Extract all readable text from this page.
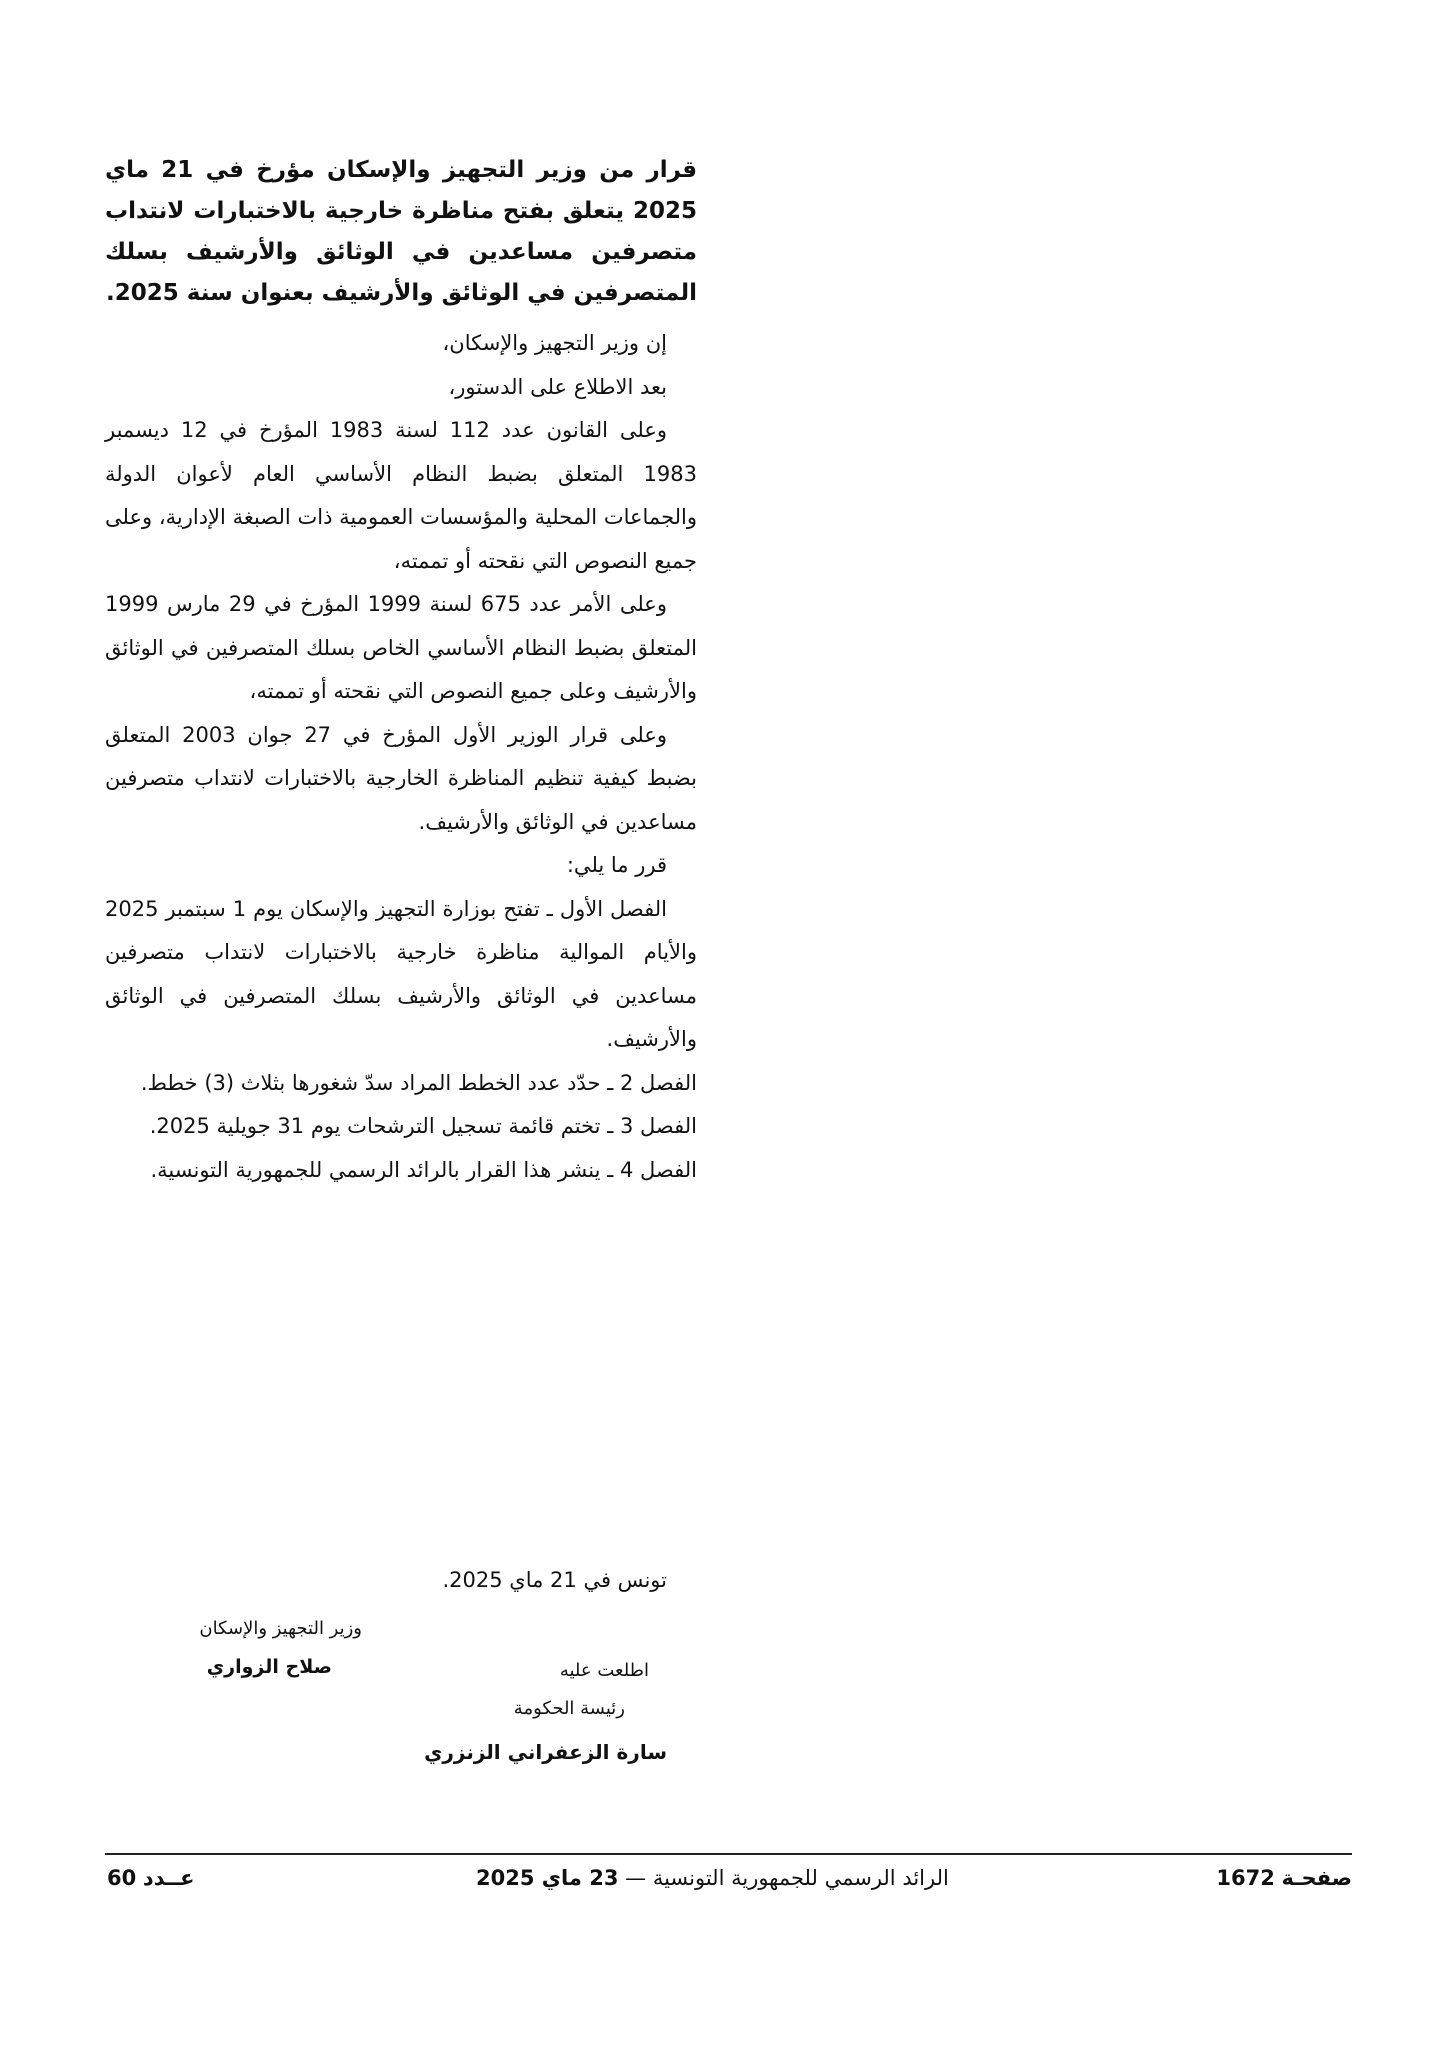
قرار من وزير التجهيز والإسكان مؤرخ في 21 ماي 2025 يتعلق بفتح مناظرة خارجية بالاختبارات لانتداب متصرفين مساعدين في الوثائق والأرشيف بسلك المتصرفين في الوثائق والأرشيف بعنوان سنة 2025.

إن وزير التجهيز والإسكان،

بعد الاطلاع على الدستور،

وعلى القانون عدد 112 لسنة 1983 المؤرخ في 12 ديسمبر 1983 المتعلق بضبط النظام الأساسي العام لأعوان الدولة والجماعات المحلية والمؤسسات العمومية ذات الصبغة الإدارية، وعلى جميع النصوص التي نقحته أو تممته،

وعلى الأمر عدد 675 لسنة 1999 المؤرخ في 29 مارس 1999 المتعلق بضبط النظام الأساسي الخاص بسلك المتصرفين في الوثائق والأرشيف وعلى جميع النصوص التي نقحته أو تممته،

وعلى قرار الوزير الأول المؤرخ في 27 جوان 2003 المتعلق بضبط كيفية تنظيم المناظرة الخارجية بالاختبارات لانتداب متصرفين مساعدين في الوثائق والأرشيف.

قرر ما يلي:

الفصل الأول ـ تفتح بوزارة التجهيز والإسكان يوم 1 سبتمبر 2025 والأيام الموالية مناظرة خارجية بالاختبارات لانتداب متصرفين مساعدين في الوثائق والأرشيف بسلك المتصرفين في الوثائق والأرشيف.

الفصل 2 ـ حدّد عدد الخطط المراد سدّ شغورها بثلاث (3) خطط.

الفصل 3 ـ تختم قائمة تسجيل الترشحات يوم 31 جويلية 2025.

الفصل 4 ـ ينشر هذا القرار بالرائد الرسمي للجمهورية التونسية.

تونس في 21 ماي 2025.
وزير التجهيز والإسكان
صلاح الزواري	اطلعت عليه
رئيسة الحكومة
سارة الزعفراني الزنزري
صفحـة 1672
الرائد الرسمي للجمهورية التونسية — 23 ماي 2025
عــدد 60
